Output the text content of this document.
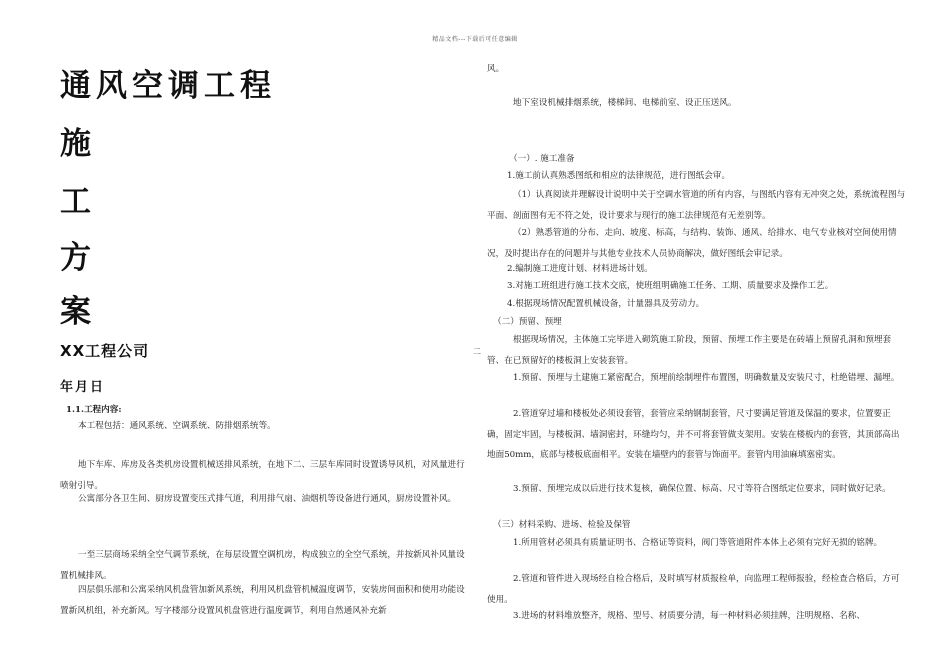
精品文档---下载后可任意编辑
通风空调工程
施
工
方
案
XX工程公司
年月日

1.1.工程内容:

本工程包括：通风系统、空调系统、防排烟系统等。

地下车库、库房及各类机房设置机械送排风系统，在地下二、三层车库同时设置诱导风机，对风量进行喷射引导。

公寓部分各卫生间、厨房设置变压式排气道，利用排气扇、油烟机等设备进行通风，厨房设置补风。

一至三层商场采纳全空气调节系统，在每层设置空调机房，构成独立的全空气系统，并按新风补风量设置机械排风。

四层俱乐部和公寓采纳风机盘管加新风系统，利用风机盘管机械温度调节，安装房间面积和使用功能设置新风机组，补充新风。写字楼部分设置风机盘管进行温度调节，利用自然通风补充新

二

风。

地下室设机械排烟系统，楼梯间、电梯前室、设正压送风。

（一）. 施工准备

1.施工前认真熟悉图纸和相应的法律规范，进行图纸会审。

（1）认真阅读并理解设计说明中关于空调水管道的所有内容，与图纸内容有无冲突之处，系统流程图与平面、剖面图有无不符之处，设计要求与现行的施工法律规范有无差别等。

（2）熟悉管道的分布、走向、坡度、标高，与结构、装饰、通风、给排水、电气专业核对空间使用情况，及时提出存在的问题并与其他专业技术人员协商解决，做好图纸会审记录。

2.编制施工进度计划、材料进场计划。

3.对施工班组进行施工技术交底，使班组明确施工任务、工期、质量要求及操作工艺。

4.根据现场情况配置机械设备，计量器具及劳动力。

（二）预留、预埋

根据现场情况，主体施工完毕进入砌筑施工阶段，预留、预埋工作主要是在砖墙上预留孔洞和预埋套管、在已预留好的楼板洞上安装套管。

1.预留、预埋与土建施工紧密配合，预埋前绘制埋件布置图，明确数量及安装尺寸，杜绝错埋、漏埋。

2.管道穿过墙和楼板处必须设套管，套管应采纳钢制套管，尺寸要满足管道及保温的要求，位置要正确，固定牢固，与楼板洞、墙洞密封，环缝均匀，并不可将套管做支架用。安装在楼板内的套管，其顶部高出地面50mm，底部与楼板底面相平。安装在墙壁内的套管与饰面平。套管内用油麻填塞密实。

3.预留、预埋完成以后进行技术复核，确保位置、标高、尺寸等符合图纸定位要求，同时做好记录。

（三）材料采购、进场、检验及保管

1.所用管材必须具有质量证明书、合格证等资料，阀门等管道附件本体上必须有完好无损的铭牌。

2.管道和管件进入现场经自检合格后，及时填写材质报检单，向监理工程师报验，经检查合格后，方可使用。

3.进场的材料堆放整齐，规格、型号、材质要分清，每一种材料必须挂牌，注明规格、名称、
